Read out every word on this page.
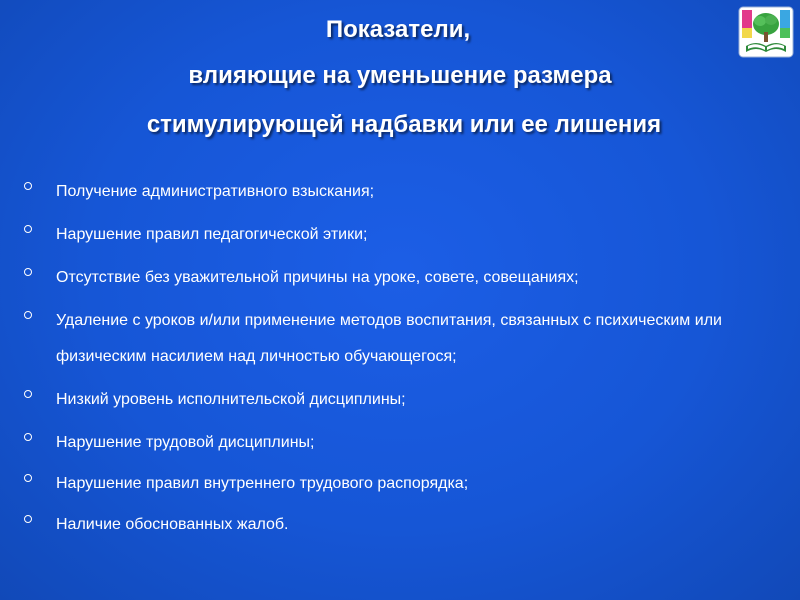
Показатели,
влияющие на уменьшение размера
стимулирующей надбавки или ее лишения
Получение административного взыскания;
Нарушение правил педагогической этики;
Отсутствие без уважительной причины на уроке, совете, совещаниях;
Удаление с уроков и/или применение методов воспитания, связанных с психическим или физическим насилием над личностью обучающегося;
Низкий уровень исполнительской дисциплины;
Нарушение трудовой дисциплины;
Нарушение правил внутреннего трудового распорядка;
Наличие обоснованных жалоб.
